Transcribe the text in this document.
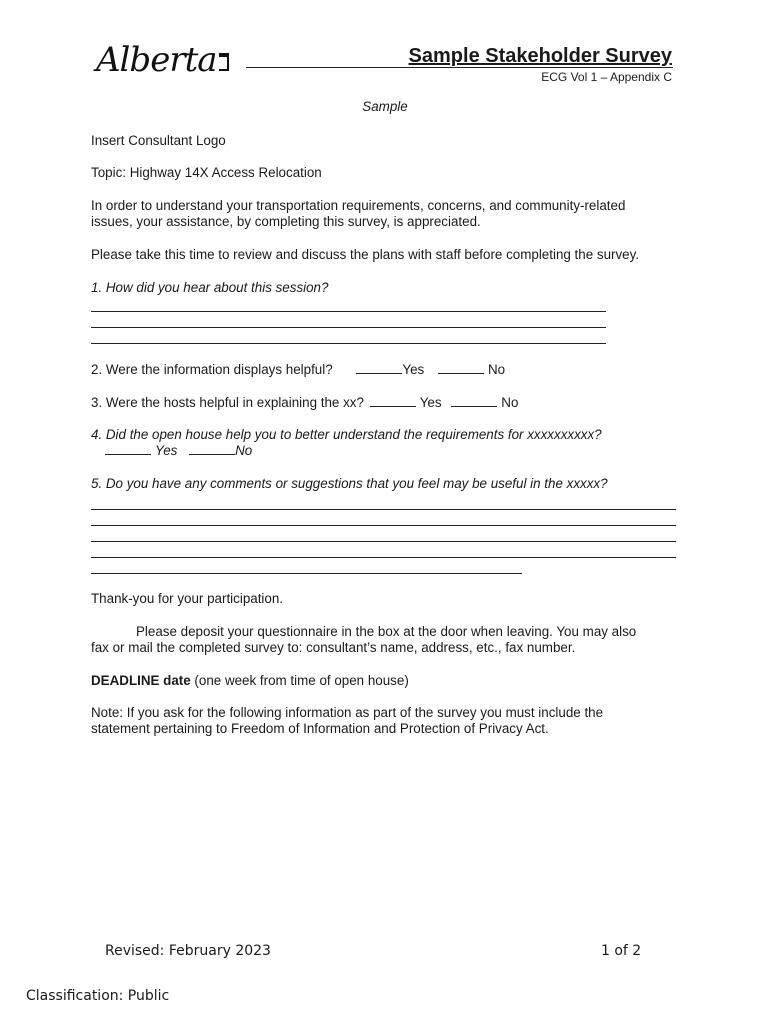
Alberta	Sample Stakeholder Survey
ECG Vol 1 – Appendix C
Sample
Insert Consultant Logo
Topic: Highway 14X Access Relocation
In order to understand your transportation requirements, concerns, and community-related
issues, your assistance, by completing this survey, is appreciated.
Please take this time to review and discuss the plans with staff before completing the survey.
1. How did you hear about this session?
2. Were the information displays helpful?	Yes	No
3. Were the hosts helpful in explaining the xx?	Yes	No
4. Did the open house help you to better understand the requirements for xxxxxxxxxx?
Yes	No
5. Do you have any comments or suggestions that you feel may be useful in the xxxxx?
Thank-you for your participation.
Please deposit your questionnaire in the box at the door when leaving. You may also
fax or mail the completed survey to: consultant’s name, address, etc., fax number.
DEADLINE date (one week from time of open house)
Note: If you ask for the following information as part of the survey you must include the
statement pertaining to Freedom of Information and Protection of Privacy Act.
Revised: February 2023	1 of 2
Classification: Public
